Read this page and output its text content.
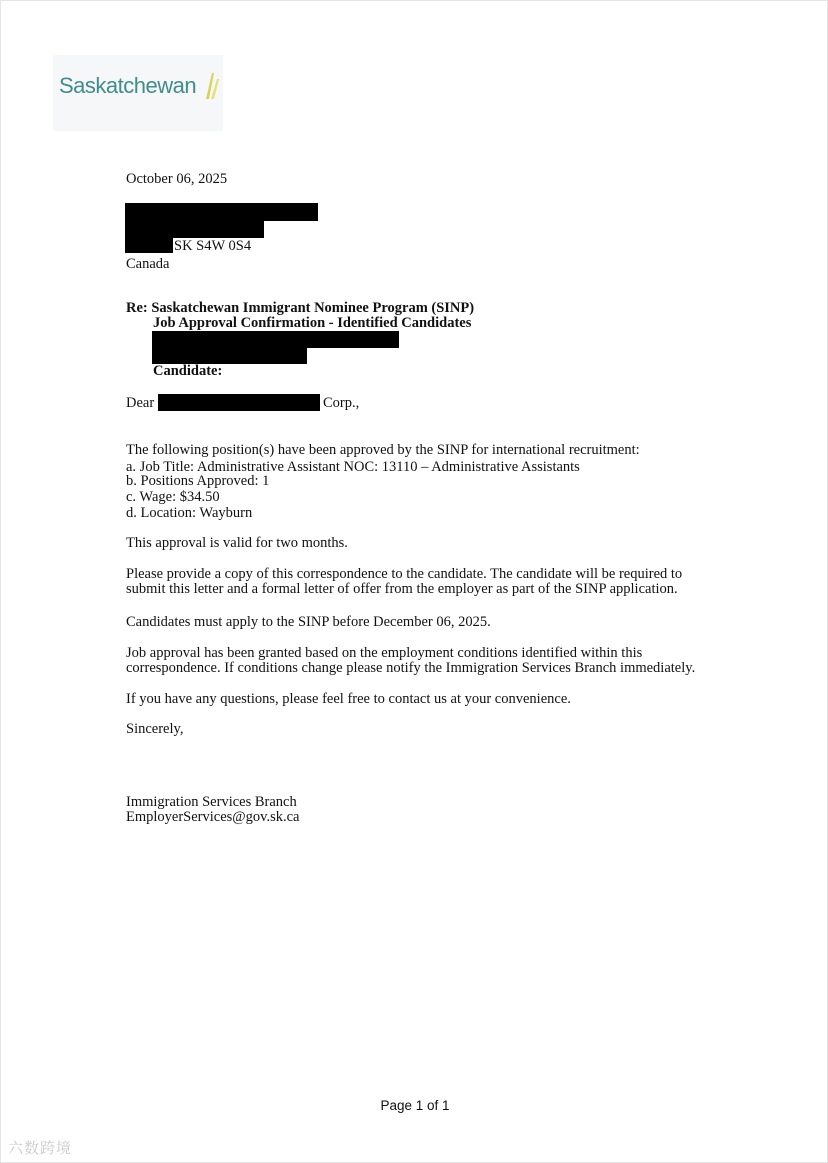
Saskatchewan
October 06, 2025
SK S4W 0S4
Canada
Re: Saskatchewan Immigrant Nominee Program (SINP)
Job Approval Confirmation - Identified Candidates
Candidate:
Dear	Corp.,
The following position(s) have been approved by the SINP for international recruitment:
a. Job Title: Administrative Assistant NOC: 13110 – Administrative Assistants
b. Positions Approved: 1
c. Wage: $34.50
d. Location: Wayburn
This approval is valid for two months.
Please provide a copy of this correspondence to the candidate. The candidate will be required to
submit this letter and a formal letter of offer from the employer as part of the SINP application.
Candidates must apply to the SINP before December 06, 2025.
Job approval has been granted based on the employment conditions identified within this
correspondence. If conditions change please notify the Immigration Services Branch immediately.
If you have any questions, please feel free to contact us at your convenience.
Sincerely,
Immigration Services Branch
EmployerServices@gov.sk.ca
Page 1 of 1
六数跨境
